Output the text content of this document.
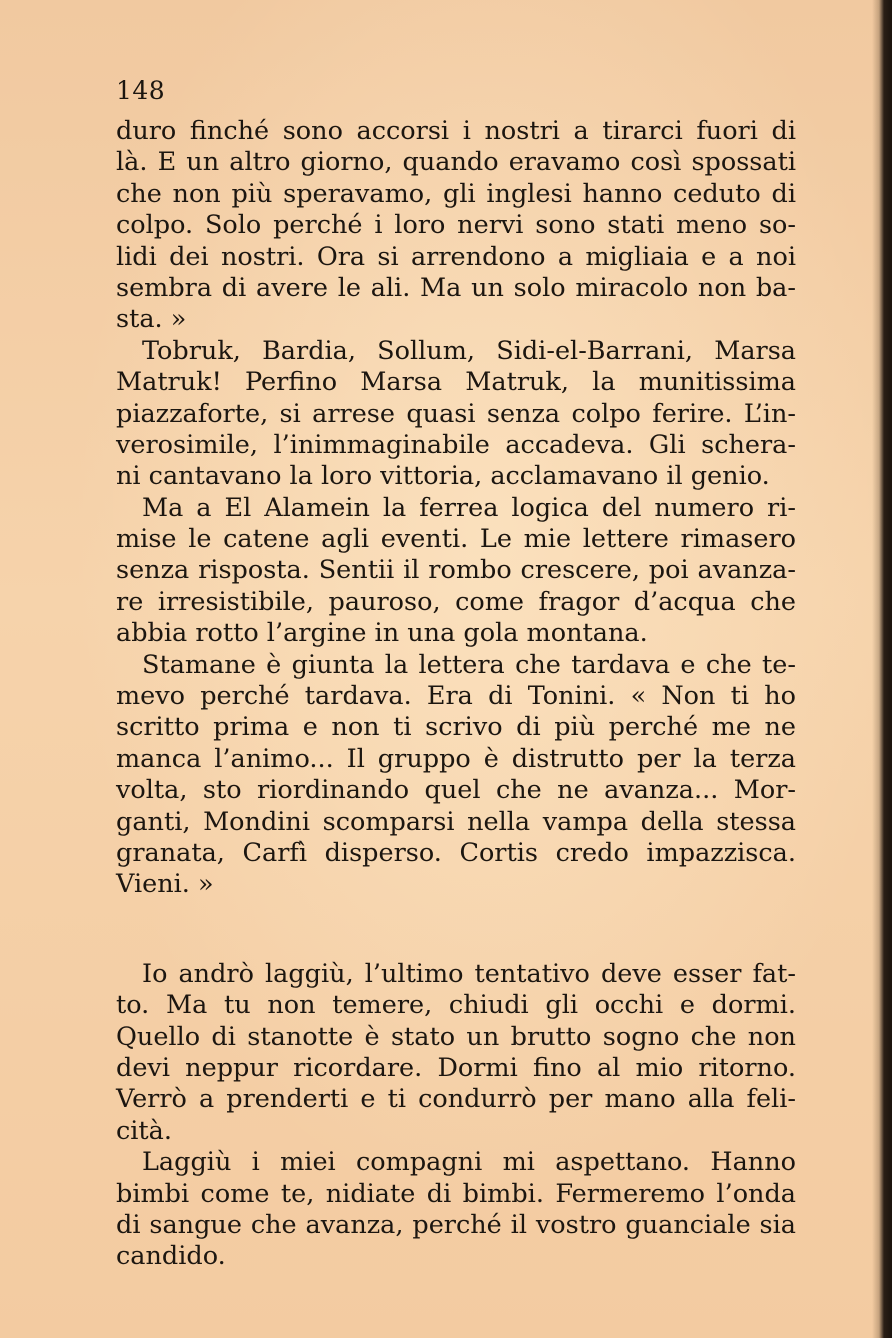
148
duro finché sono accorsi i nostri a tirarci fuori di
là. E un altro giorno, quando eravamo così spossati
che non più speravamo, gli inglesi hanno ceduto di
colpo. Solo perché i loro nervi sono stati meno so-
lidi dei nostri. Ora si arrendono a migliaia e a noi
sembra di avere le ali. Ma un solo miracolo non ba-
sta. »
Tobruk, Bardia, Sollum, Sidi-el-Barrani, Marsa
Matruk! Perfino Marsa Matruk, la munitissima
piazzaforte, si arrese quasi senza colpo ferire. L’in-
verosimile, l’inimmaginabile accadeva. Gli schera-
ni cantavano la loro vittoria, acclamavano il genio.
Ma a El Alamein la ferrea logica del numero ri-
mise le catene agli eventi. Le mie lettere rimasero
senza risposta. Sentii il rombo crescere, poi avanza-
re irresistibile, pauroso, come fragor d’acqua che
abbia rotto l’argine in una gola montana.
Stamane è giunta la lettera che tardava e che te-
mevo perché tardava. Era di Tonini. « Non ti ho
scritto prima e non ti scrivo di più perché me ne
manca l’animo... Il gruppo è distrutto per la terza
volta, sto riordinando quel che ne avanza... Mor-
ganti, Mondini scomparsi nella vampa della stessa
granata, Carfì disperso. Cortis credo impazzisca.
Vieni. »
Io andrò laggiù, l’ultimo tentativo deve esser fat-
to. Ma tu non temere, chiudi gli occhi e dormi.
Quello di stanotte è stato un brutto sogno che non
devi neppur ricordare. Dormi fino al mio ritorno.
Verrò a prenderti e ti condurrò per mano alla feli-
cità.
Laggiù i miei compagni mi aspettano. Hanno
bimbi come te, nidiate di bimbi. Fermeremo l’onda
di sangue che avanza, perché il vostro guanciale sia
candido.
